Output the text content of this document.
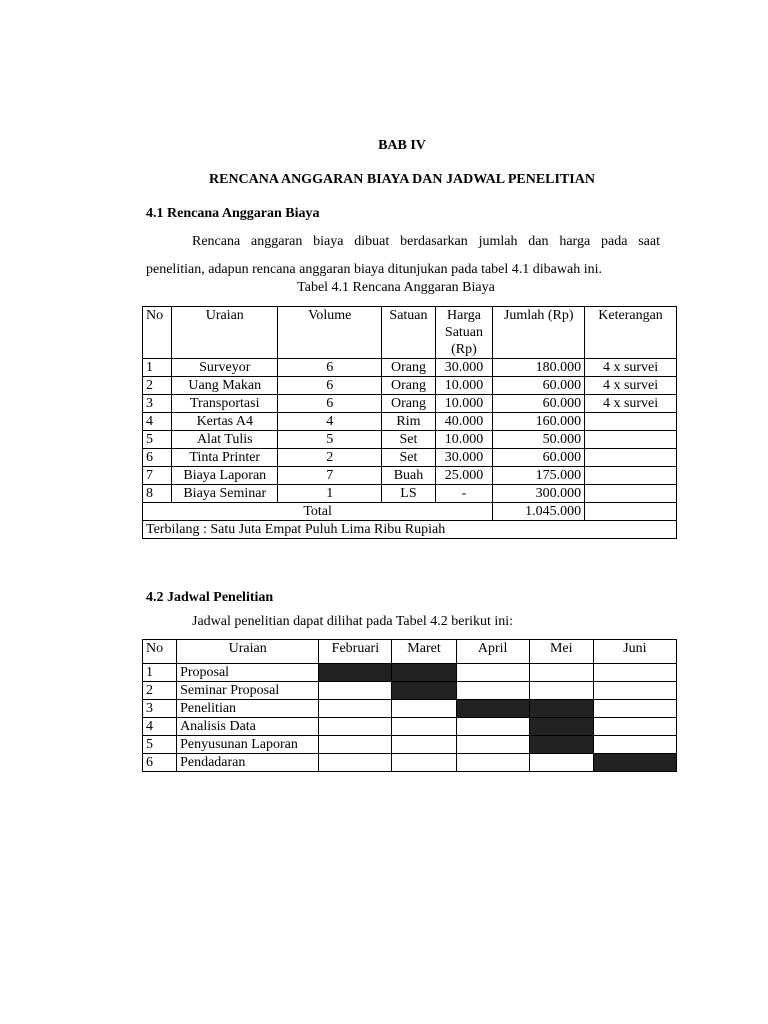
BAB IV
RENCANA ANGGARAN BIAYA DAN JADWAL PENELITIAN
4.1 Rencana Anggaran Biaya
Rencana anggaran biaya dibuat berdasarkan jumlah dan harga pada saat
penelitian, adapun rencana anggaran biaya ditunjukan pada tabel 4.1 dibawah ini.
Tabel 4.1 Rencana Anggaran Biaya
No	Uraian	Volume	Satuan	Harga Satuan (Rp)	Jumlah (Rp)	Keterangan
1	Surveyor	6	Orang	30.000	180.000	4 x survei
2	Uang Makan	6	Orang	10.000	60.000	4 x survei
3	Transportasi	6	Orang	10.000	60.000	4 x survei
4	Kertas A4	4	Rim	40.000	160.000	
5	Alat Tulis	5	Set	10.000	50.000	
6	Tinta Printer	2	Set	30.000	60.000	
7	Biaya Laporan	7	Buah	25.000	175.000	
8	Biaya Seminar	1	LS	-	300.000	
Total					1.045.000	
Terbilang : Satu Juta Empat Puluh Lima Ribu Rupiah						
4.2 Jadwal Penelitian
Jadwal penelitian dapat dilihat pada Tabel 4.2 berikut ini:
No	Uraian	Februari	Maret	April	Mei	Juni
1	Proposal					
2	Seminar Proposal					
3	Penelitian					
4	Analisis Data					
5	Penyusunan Laporan					
6	Pendadaran					
